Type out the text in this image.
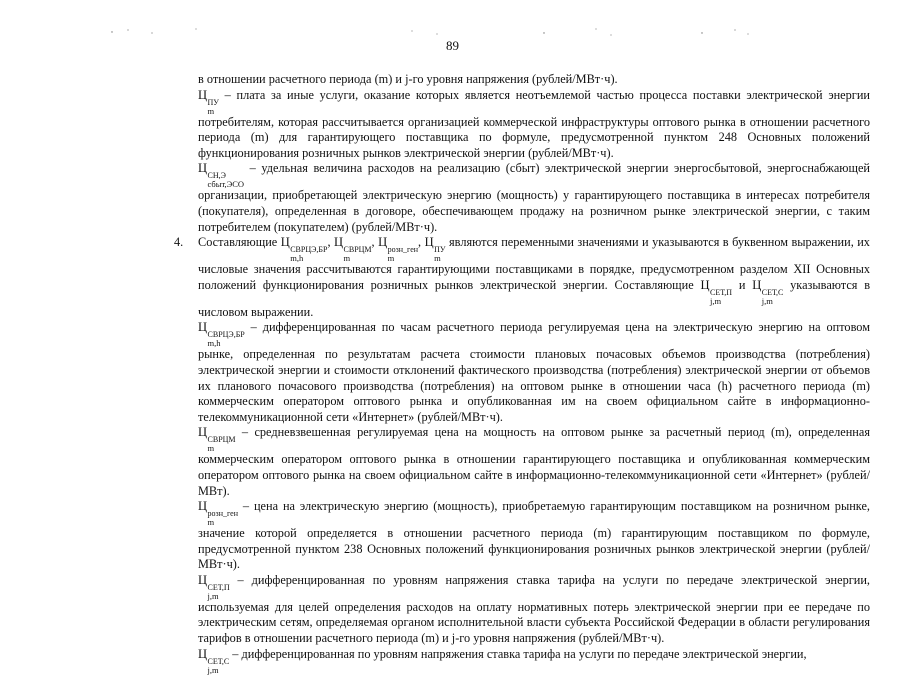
89

в отношении расчетного периода (m) и j-го уровня напряжения (рублей/МВт·ч).

Ц
ПУ
m
– плата за иные услуги, оказание которых является неотъемлемой частью процесса поставки электрической энергии потребителям, которая рассчитывается организацией коммерческой инфраструктуры оптового рынка в отношении расчетного периода (m) для гарантирующего поставщика по формуле, предусмотренной пунктом 248 Основных положений функционирования розничных рынков электрической энергии (рублей/МВт·ч).

Ц
СН,Э
сбыт,ЭСО
– удельная величина расходов на реализацию (сбыт) электрической энергии энергосбытовой, энергоснабжающей организации, приобретающей электрическую энергию (мощность) у гарантирующего поставщика в интересах потребителя (покупателя), определенная в договоре, обеспечивающем продажу на розничном рынке электрической энергии, с таким потребителем (покупателем) (рублей/МВт·ч).

4. Составляющие Ц
СВРЦЭ,БР
m,h
, Ц
СВРЦМ
m
, Ц
розн_ген
m
, Ц
ПУ
m
являются переменными значениями и указываются в буквенном выражении, их числовые значения рассчитываются гарантирующими поставщиками в порядке, предусмотренном разделом XII Основных положений функционирования розничных рынков электрической энергии. Составляющие Ц
СЕТ,П
j,m
и Ц
СЕТ,С
j,m
указываются в числовом выражении.

Ц
СВРЦЭ,БР
m,h
– дифференцированная по часам расчетного периода регулируемая цена на электрическую энергию на оптовом рынке, определенная по результатам расчета стоимости плановых почасовых объемов производства (потребления) электрической энергии и стоимости отклонений фактического производства (потребления) электрической энергии от объемов их планового почасового производства (потребления) на оптовом рынке в отношении часа (h) расчетного периода (m) коммерческим оператором оптового рынка и опубликованная им на своем официальном сайте в информационно-телекоммуникационной сети «Интернет» (рублей/МВт·ч).

Ц
СВРЦМ
m
– средневзвешенная регулируемая цена на мощность на оптовом рынке за расчетный период (m), определенная коммерческим оператором оптового рынка в отношении гарантирующего поставщика и опубликованная коммерческим оператором оптового рынка на своем официальном сайте в информационно-телекоммуникационной сети «Интернет» (рублей/МВт).

Ц
розн_ген
m
– цена на электрическую энергию (мощность), приобретаемую гарантирующим поставщиком на розничном рынке, значение которой определяется в отношении расчетного периода (m) гарантирующим поставщиком по формуле, предусмотренной пунктом 238 Основных положений функционирования розничных рынков электрической энергии (рублей/МВт·ч).

Ц
СЕТ,П
j,m
– дифференцированная по уровням напряжения ставка тарифа на услуги по передаче электрической энергии, используемая для целей определения расходов на оплату нормативных потерь электрической энергии при ее передаче по электрическим сетям, определяемая органом исполнительной власти субъекта Российской Федерации в области регулирования тарифов в отношении расчетного периода (m) и j-го уровня напряжения (рублей/МВт·ч).

Ц
СЕТ,С
j,m
– дифференцированная по уровням напряжения ставка тарифа на услуги по передаче электрической энергии,
